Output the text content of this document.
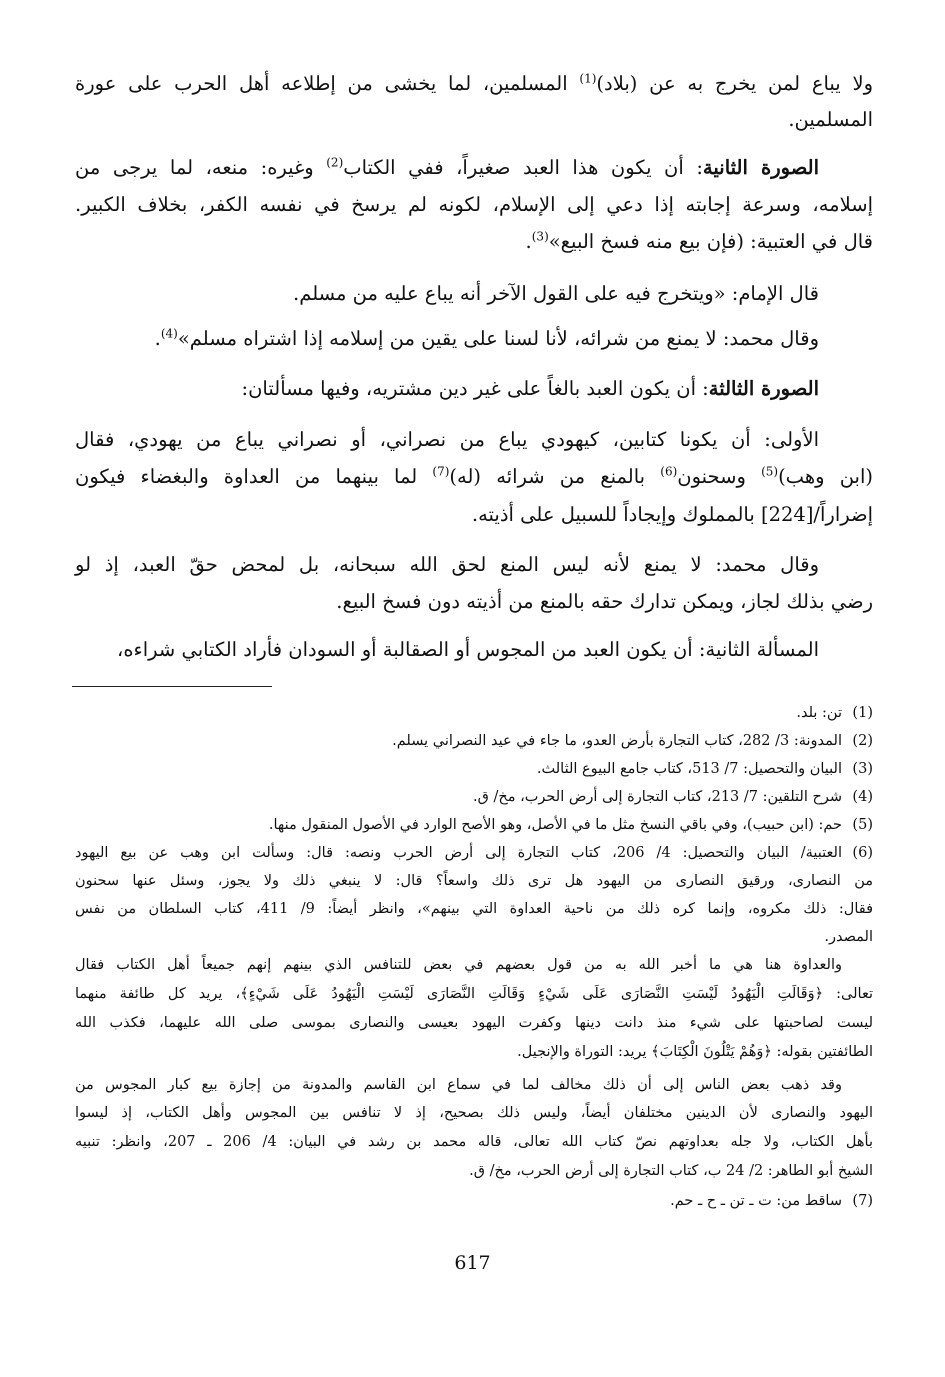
ولا يباع لمن يخرج به عن (بلاد)$^{(1)}$ المسلمين، لما يخشى من إطلاعه أهل الحرب على عورة
المسلمين.
الصورة الثانية: أن يكون هذا العبد صغيراً، ففي الكتاب$^{(2)}$ وغيره: منعه، لما يرجى من
إسلامه، وسرعة إجابته إذا دعي إلى الإسلام، لكونه لم يرسخ في نفسه الكفر، بخلاف الكبير.
قال في العتبية: (فإن بيع منه فسخ البيع»$^{(3)}$.
قال الإمام: «ويتخرج فيه على القول الآخر أنه يباع عليه من مسلم.
وقال محمد: لا يمنع من شرائه، لأنا لسنا على يقين من إسلامه إذا اشتراه مسلم»$^{(4)}$.
الصورة الثالثة: أن يكون العبد بالغاً على غير دين مشتريه، وفيها مسألتان:
الأولى: أن يكونا كتابين، كيهودي يباع من نصراني، أو نصراني يباع من يهودي، فقال
(ابن وهب)$^{(5)}$ وسحنون$^{(6)}$ بالمنع من شرائه (له)$^{(7)}$ لما بينهما من العداوة والبغضاء فيكون
إضراراً/[224] بالمملوك وإيجاداً للسبيل على أذيته.
وقال محمد: لا يمنع لأنه ليس المنع لحق الله سبحانه، بل لمحض حقّ العبد، إذ لو
رضي بذلك لجاز، ويمكن تدارك حقه بالمنع من أذيته دون فسخ البيع.
المسألة الثانية: أن يكون العبد من المجوس أو الصقالبة أو السودان فأراد الكتابي شراءه،
(1)
تن: بلد.
(2)
المدونة: 3/ 282، كتاب التجارة بأرض العدو، ما جاء في عيد النصراني يسلم.
(3)
البيان والتحصيل: 7/ 513، كتاب جامع البيوع الثالث.
(4)
شرح التلقين: 7/ 213، كتاب التجارة إلى أرض الحرب، مخ/ ق.
(5)
حم: (ابن حبيب)، وفي باقي النسخ مثل ما في الأصل، وهو الأصح الوارد في الأصول المنقول منها.
(6)
العتبية/ البيان والتحصيل: 4/ 206، كتاب التجارة إلى أرض الحرب ونصه: قال: وسألت ابن وهب عن بيع اليهود
من النصارى، ورقيق النصارى من اليهود هل ترى ذلك واسعاً؟ قال: لا ينبغي ذلك ولا يجوز، وسئل عنها سحنون
فقال: ذلك مكروه، وإنما كره ذلك من ناحية العداوة التي بينهم»، وانظر أيضاً: 9/ 411، كتاب السلطان من نفس
المصدر.
والعداوة هنا هي ما أخبر الله به من قول بعضهم في بعض للتنافس الذي بينهم إنهم جميعاً أهل الكتاب فقال
تعالى: ﴿وَقَالَتِ الْيَهُودُ لَيْسَتِ النَّصَارَى عَلَى شَيْءٍ وَقَالَتِ النَّصَارَى لَيْسَتِ الْيَهُودُ عَلَى شَيْءٍ﴾، يريد كل طائفة منهما
ليست لصاحبتها على شيء منذ دانت دينها وكفرت اليهود بعيسى والنصارى بموسى صلى الله عليهما، فكذب الله
الطائفتين بقوله: ﴿وَهُمْ يَتْلُونَ الْكِتَابَ﴾ يريد: التوراة والإنجيل.
وقد ذهب بعض الناس إلى أن ذلك مخالف لما في سماع ابن القاسم والمدونة من إجازة بيع كبار المجوس من
اليهود والنصارى لأن الدينين مختلفان أيضاً، وليس ذلك بصحيح، إذ لا تنافس بين المجوس وأهل الكتاب، إذ ليسوا
بأهل الكتاب، ولا جله بعداوتهم نصّ كتاب الله تعالى، قاله محمد بن رشد في البيان: 4/ 206 ـ 207، وانظر: تنبيه
الشيخ أبو الطاهر: 2/ 24 ب، كتاب التجارة إلى أرض الحرب، مخ/ ق.
(7)
ساقط من: ت ـ تن ـ ح ـ حم.
617
